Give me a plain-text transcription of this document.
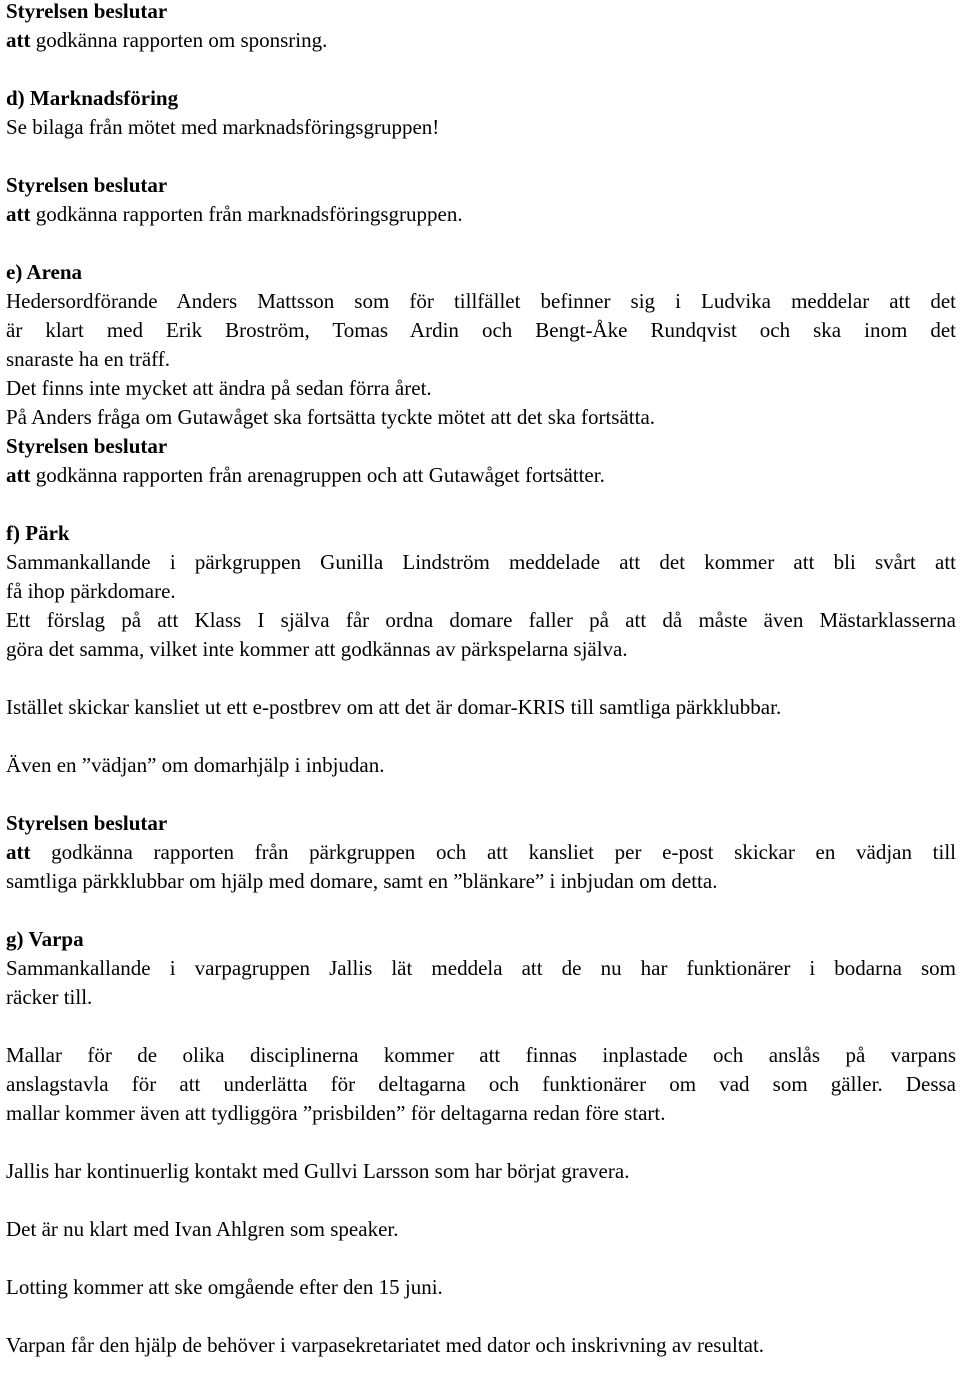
Styrelsen beslutar
att godkänna rapporten om sponsring.
d) Marknadsföring
Se bilaga från mötet med marknadsföringsgruppen!
Styrelsen beslutar
att godkänna rapporten från marknadsföringsgruppen.
e) Arena
Hedersordförande Anders Mattsson som för tillfället befinner sig i Ludvika meddelar att det
är klart med Erik Broström, Tomas Ardin och Bengt-Åke Rundqvist och ska inom det
snaraste ha en träff.
Det finns inte mycket att ändra på sedan förra året.
På Anders fråga om Gutawåget ska fortsätta tyckte mötet att det ska fortsätta.
Styrelsen beslutar
att godkänna rapporten från arenagruppen och att Gutawåget fortsätter.
f) Pärk
Sammankallande i pärkgruppen Gunilla Lindström meddelade att det kommer att bli svårt att
få ihop pärkdomare.
Ett förslag på att Klass I själva får ordna domare faller på att då måste även Mästarklasserna
göra det samma, vilket inte kommer att godkännas av pärkspelarna själva.
Istället skickar kansliet ut ett e-postbrev om att det är domar-KRIS till samtliga pärkklubbar.
Även en ”vädjan” om domarhjälp i inbjudan.
Styrelsen beslutar
att godkänna rapporten från pärkgruppen och att kansliet per e-post skickar en vädjan till
samtliga pärkklubbar om hjälp med domare, samt en ”blänkare” i inbjudan om detta.
g) Varpa
Sammankallande i varpagruppen Jallis lät meddela att de nu har funktionärer i bodarna som
räcker till.
Mallar för de olika disciplinerna kommer att finnas inplastade och anslås på varpans
anslagstavla för att underlätta för deltagarna och funktionärer om vad som gäller. Dessa
mallar kommer även att tydliggöra ”prisbilden” för deltagarna redan före start.
Jallis har kontinuerlig kontakt med Gullvi Larsson som har börjat gravera.
Det är nu klart med Ivan Ahlgren som speaker.
Lotting kommer att ske omgående efter den 15 juni.
Varpan får den hjälp de behöver i varpasekretariatet med dator och inskrivning av resultat.
